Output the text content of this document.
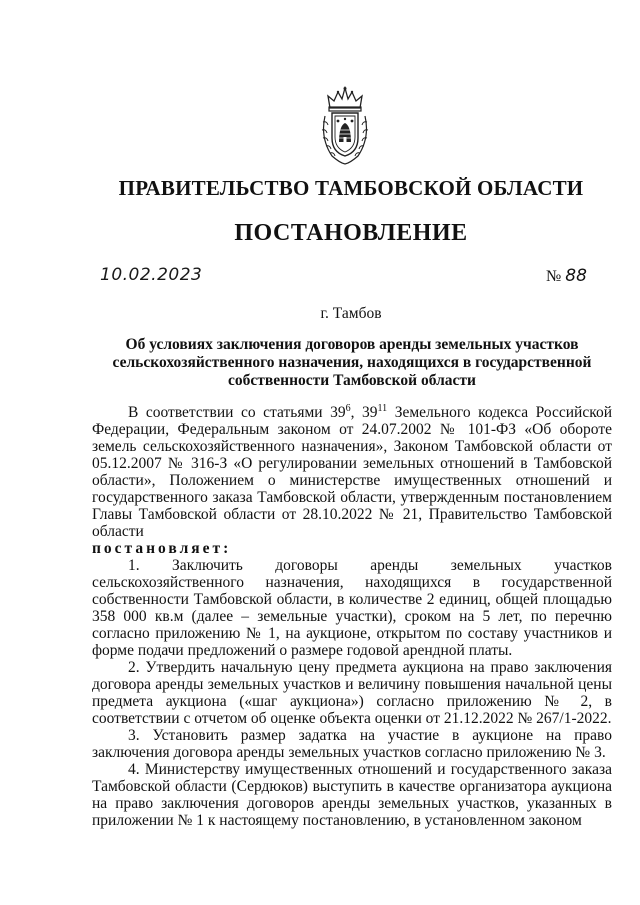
ПРАВИТЕЛЬСТВО ТАМБОВСКОЙ ОБЛАСТИ
ПОСТАНОВЛЕНИЕ
10.02.2023	№ 88
г. Тамбов

Об условиях заключения договоров аренды земельных участков сельскохозяйственного назначения, находящихся в государственной собственности Тамбовской области

В соответствии со статьями $39^6$, $39^{11}$ Земельного кодекса Российской Федерации, Федеральным законом от 24.07.2002 № 101-ФЗ «Об обороте земель сельскохозяйственного назначения», Законом Тамбовской области от 05.12.2007 № 316-З «О регулировании земельных отношений в Тамбовской области», Положением о министерстве имущественных отношений и государственного заказа Тамбовской области, утвержденным постановлением Главы Тамбовской области от 28.10.2022 № 21, Правительство Тамбовской области

постановляет:

1. Заключить договоры аренды земельных участков сельскохозяйственного назначения, находящихся в государственной собственности Тамбовской области, в количестве 2 единиц, общей площадью 358 000 кв.м (далее – земельные участки), сроком на 5 лет, по перечню согласно приложению № 1, на аукционе, открытом по составу участников и форме подачи предложений о размере годовой арендной платы.

2. Утвердить начальную цену предмета аукциона на право заключения договора аренды земельных участков и величину повышения начальной цены предмета аукциона («шаг аукциона») согласно приложению № 2, в соответствии с отчетом об оценке объекта оценки от 21.12.2022 № 267/1-2022.

3. Установить размер задатка на участие в аукционе на право заключения договора аренды земельных участков согласно приложению № 3.

4. Министерству имущественных отношений и государственного заказа Тамбовской области (Сердюков) выступить в качестве организатора аукциона на право заключения договоров аренды земельных участков, указанных в приложении № 1 к настоящему постановлению, в установленном законом
